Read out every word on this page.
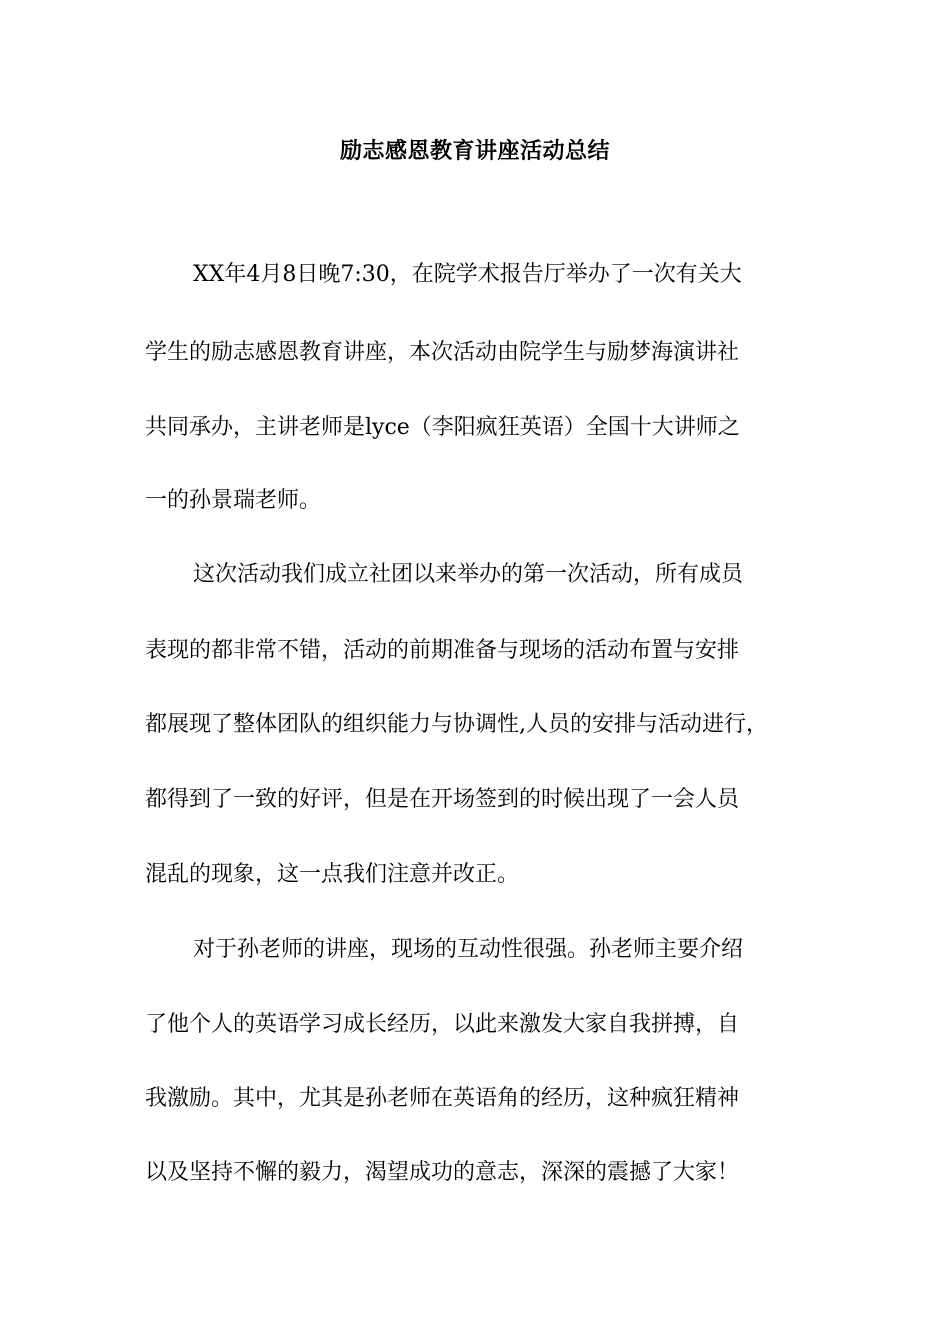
励志感恩教育讲座活动总结
XX年4月8日晚7:30，在院学术报告厅举办了一次有关大
学生的励志感恩教育讲座，本次活动由院学生与励梦海演讲社
共同承办，主讲老师是lyce（李阳疯狂英语）全国十大讲师之
一的孙景瑞老师。
这次活动我们成立社团以来举办的第一次活动，所有成员
表现的都非常不错，活动的前期准备与现场的活动布置与安排
都展现了整体团队的组织能力与协调性,人员的安排与活动进行，
都得到了一致的好评，但是在开场签到的时候出现了一会人员
混乱的现象，这一点我们注意并改正。
对于孙老师的讲座，现场的互动性很强。孙老师主要介绍
了他个人的英语学习成长经历，以此来激发大家自我拼搏，自
我激励。其中，尤其是孙老师在英语角的经历，这种疯狂精神
以及坚持不懈的毅力，渴望成功的意志，深深的震撼了大家！
